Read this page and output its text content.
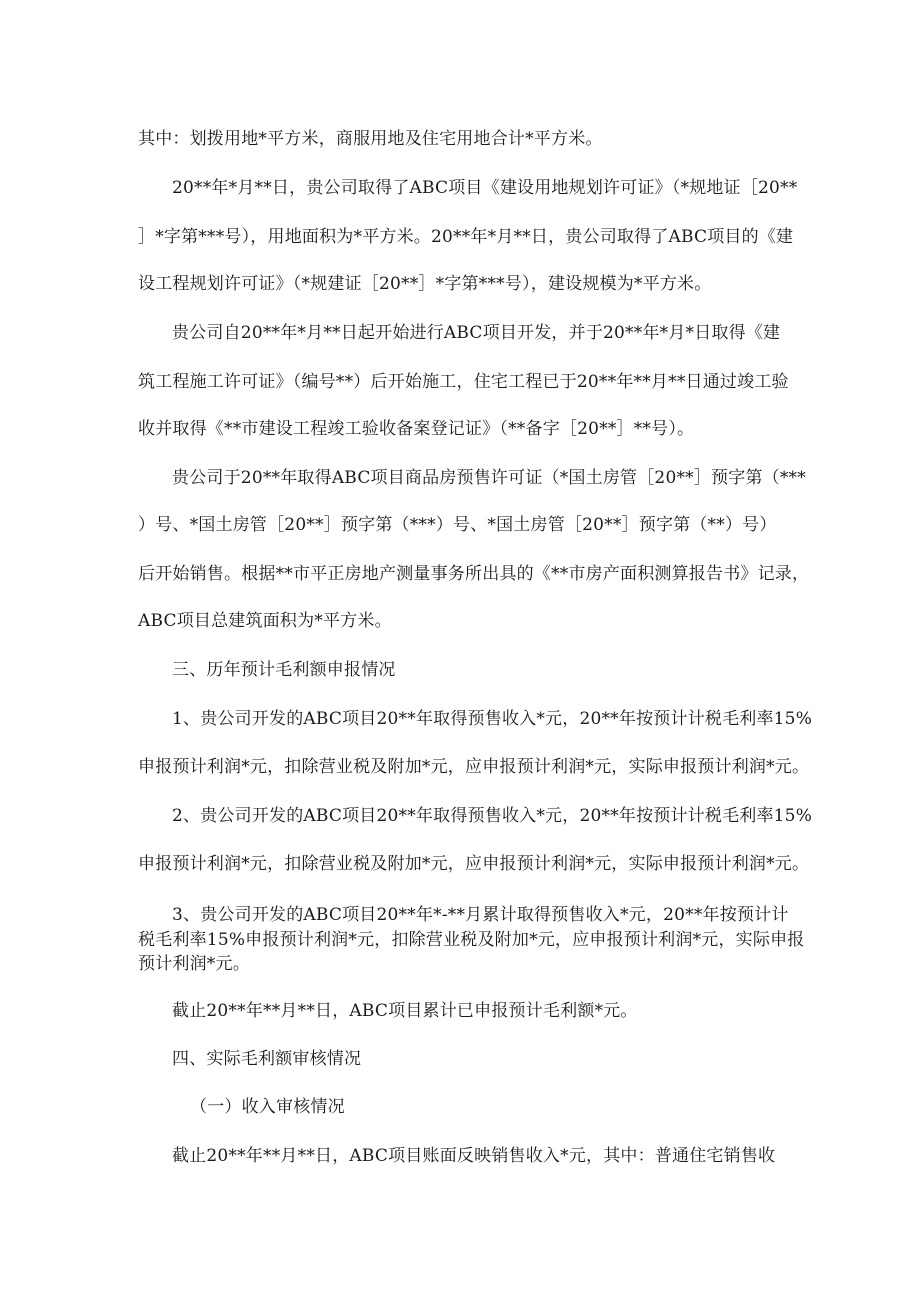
其中：划拨用地*平方米，商服用地及住宅用地合计*平方米。
20**年*月**日，贵公司取得了ABC项目《建设用地规划许可证》（*规地证［20**
］*字第***号），用地面积为*平方米。20**年*月**日，贵公司取得了ABC项目的《建
设工程规划许可证》（*规建证［20**］*字第***号），建设规模为*平方米。
贵公司自20**年*月**日起开始进行ABC项目开发，并于20**年*月*日取得《建
筑工程施工许可证》（编号**）后开始施工，住宅工程已于20**年**月**日通过竣工验
收并取得《**市建设工程竣工验收备案登记证》（**备字［20**］**号）。
贵公司于20**年取得ABC项目商品房预售许可证（*国土房管［20**］预字第（***
）号、*国土房管［20**］预字第（***）号、*国土房管［20**］预字第（**）号）
后开始销售。根据**市平正房地产测量事务所出具的《**市房产面积测算报告书》记录，
ABC项目总建筑面积为*平方米。
三、历年预计毛利额申报情况
1、贵公司开发的ABC项目20**年取得预售收入*元，20**年按预计计税毛利率15%
申报预计利润*元，扣除营业税及附加*元，应申报预计利润*元，实际申报预计利润*元。
2、贵公司开发的ABC项目20**年取得预售收入*元，20**年按预计计税毛利率15%
申报预计利润*元，扣除营业税及附加*元，应申报预计利润*元，实际申报预计利润*元。
3、贵公司开发的ABC项目20**年*-**月累计取得预售收入*元，20**年按预计计
税毛利率15%申报预计利润*元，扣除营业税及附加*元，应申报预计利润*元，实际申报
预计利润*元。
截止20**年**月**日，ABC项目累计已申报预计毛利额*元。
四、实际毛利额审核情况
（一）收入审核情况
截止20**年**月**日，ABC项目账面反映销售收入*元，其中：普通住宅销售收
